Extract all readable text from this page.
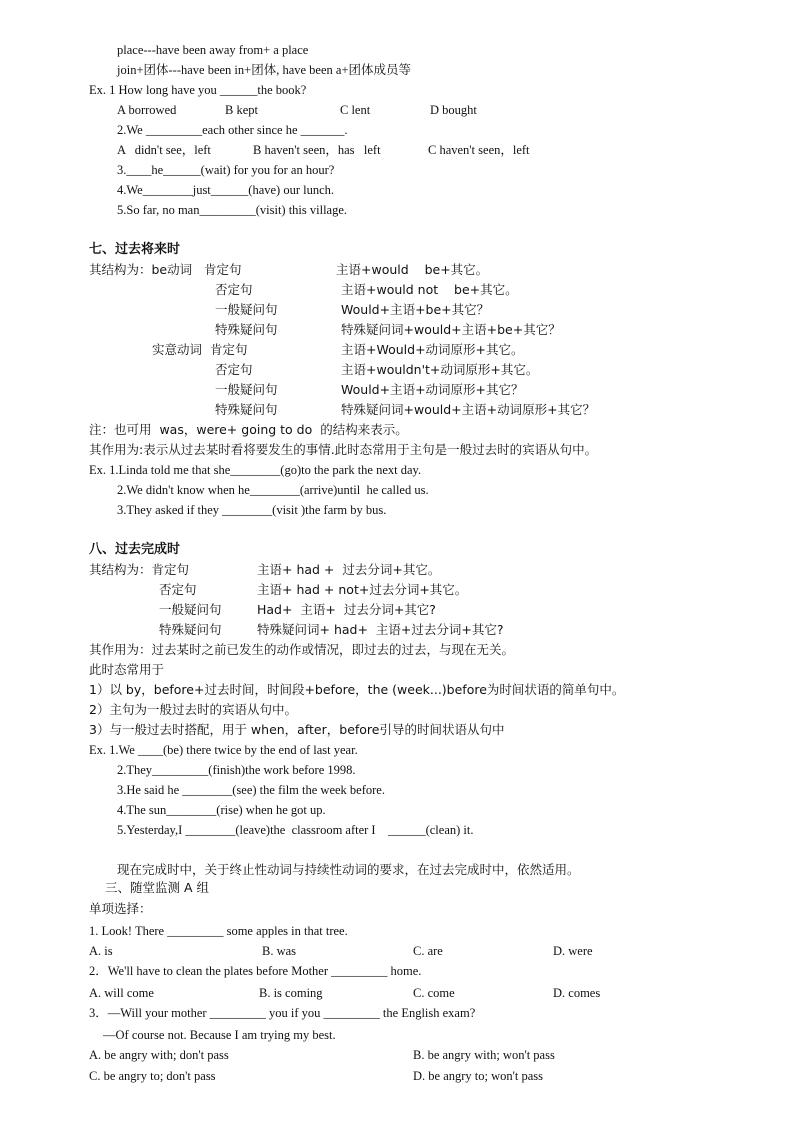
place---have been away from+ a place
join+团体---have been in+团体, have been a+团体成员等
Ex. 1 How long have you ______the book?
A borrowed	B kept	C lent	D bought
2.We _________each other since he _______.
A   didn't see，left	B haven't seen，has   left	C haven't seen，left
3.____he______(wait) for you for an hour?
4.We________just______(have) our lunch.
5.So far, no man_________(visit) this village.
七、过去将来时
其结构为：be动词   肯定句	主语+would    be+其它。
否定句	主语+would not    be+其它。
一般疑问句	Would+主语+be+其它？
特殊疑问句	特殊疑问词+would+主语+be+其它？
实意动词  肯定句	主语+Would+动词原形+其它。
否定句	主语+wouldn't+动词原形+其它。
一般疑问句	Would+主语+动词原形+其它？
特殊疑问句	特殊疑问词+would+主语+动词原形+其它？
注：也可用  was，were+ going to do  的结构来表示。
其作用为:表示从过去某时看将要发生的事情.此时态常用于主句是一般过去时的宾语从句中。
Ex. 1.Linda told me that she________(go)to the park the next day.
2.We didn't know when he________(arrive)until  he called us.
3.They asked if they ________(visit )the farm by bus.
八、过去完成时
其结构为：肯定句	主语+ had +  过去分词+其它。
否定句	主语+ had + not+过去分词+其它。
一般疑问句	Had+  主语+  过去分词+其它?
特殊疑问句	特殊疑问词+ had+  主语+过去分词+其它?
其作用为：过去某时之前已发生的动作或情况，即过去的过去，与现在无关。
此时态常用于
1）以 by，before+过去时间，时间段+before，the (week...)before为时间状语的简单句中。
2）主句为一般过去时的宾语从句中。
3）与一般过去时搭配，用于 when，after，before引导的时间状语从句中
Ex. 1.We ____(be) there twice by the end of last year.
2.They_________(finish)the work before 1998.
3.He said he ________(see) the film the week before.
4.The sun________(rise) when he got up.
5.Yesterday,I ________(leave)the  classroom after I    ______(clean) it.
现在完成时中，关于终止性动词与持续性动词的要求，在过去完成时中，依然适用。
三、随堂监测 A 组
单项选择：
1. Look! There _________ some apples in that tree.
A. is	B. was	C. are	D. were
2．We'll have to clean the plates before Mother _________ home.
A. will come	B. is coming	C. come	D. comes
3．—Will your mother _________ you if you _________ the English exam?
—Of course not. Because I am trying my best.
A. be angry with; don't pass	B. be angry with; won't pass
C. be angry to; don't pass	D. be angry to; won't pass
